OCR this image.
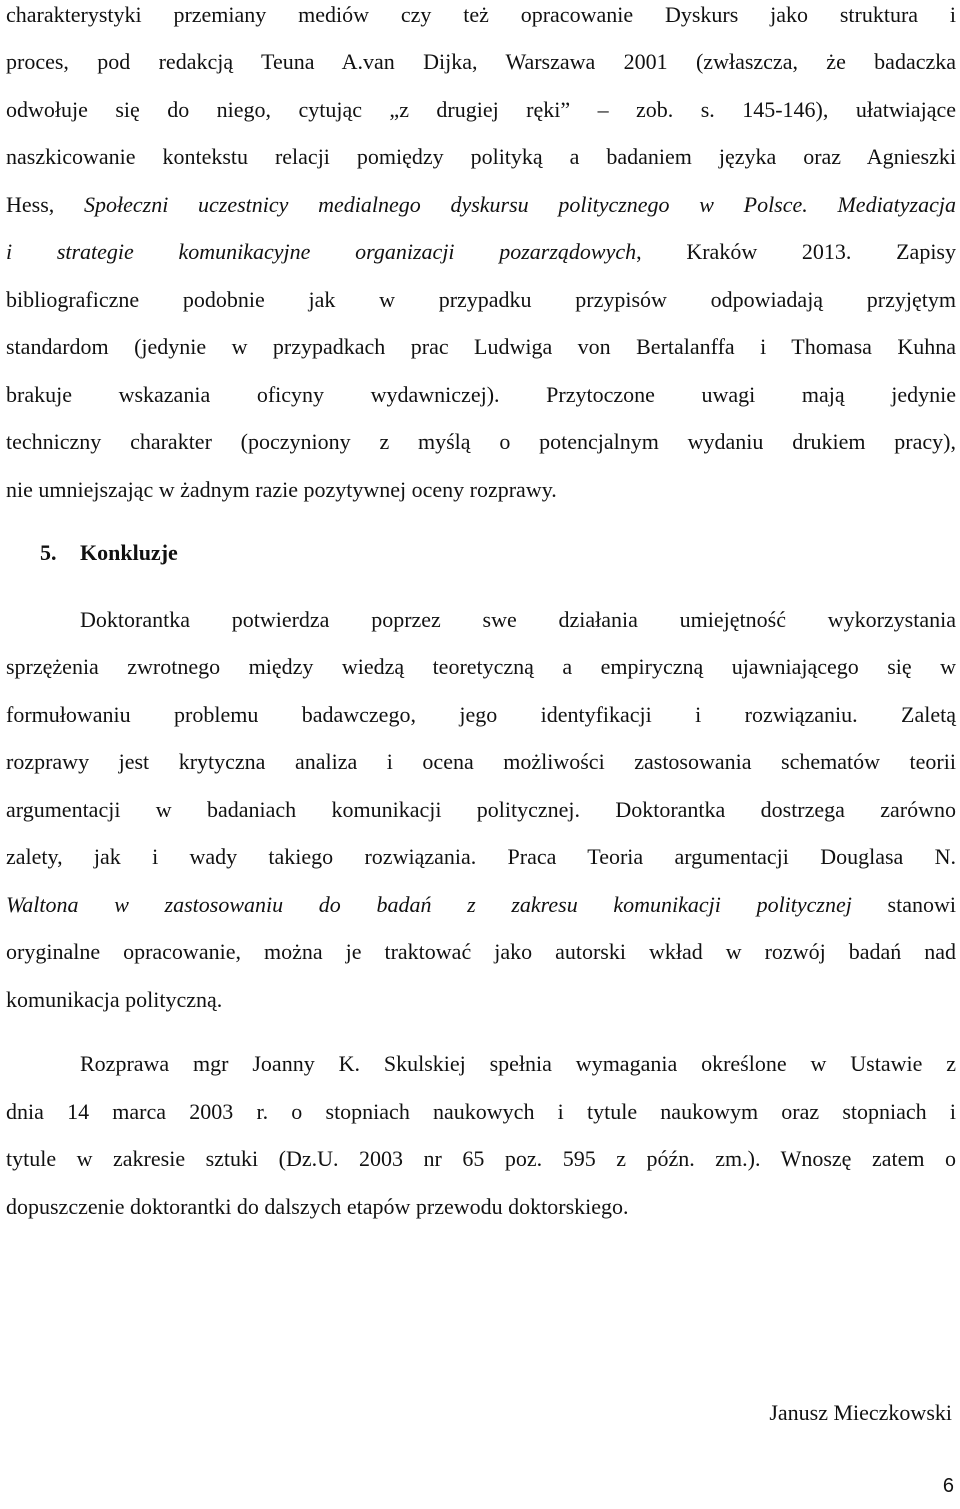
charakterystyki przemiany mediów czy też opracowanie Dyskurs jako struktura i
proces, pod redakcją Teuna A.van Dijka, Warszawa 2001 (zwłaszcza, że badaczka
odwołuje się do niego, cytując „z drugiej ręki” – zob. s. 145-146), ułatwiające
naszkicowanie kontekstu relacji pomiędzy polityką a badaniem języka oraz Agnieszki
Hess, Społeczni uczestnicy medialnego dyskursu politycznego w Polsce. Mediatyzacja
i strategie komunikacyjne organizacji pozarządowych, Kraków 2013. Zapisy
bibliograficzne podobnie jak w przypadku przypisów odpowiadają przyjętym
standardom (jedynie w przypadkach prac Ludwiga von Bertalanffa i Thomasa Kuhna
brakuje wskazania oficyny wydawniczej). Przytoczone uwagi mają jedynie
techniczny charakter (poczyniony z myślą o potencjalnym wydaniu drukiem pracy),
nie umniejszając w żadnym razie pozytywnej oceny rozprawy.
5. Konkluzje
Doktorantka potwierdza poprzez swe działania umiejętność wykorzystania
sprzężenia zwrotnego między wiedzą teoretyczną a empiryczną ujawniającego się w
formułowaniu problemu badawczego, jego identyfikacji i rozwiązaniu. Zaletą
rozprawy jest krytyczna analiza i ocena możliwości zastosowania schematów teorii
argumentacji w badaniach komunikacji politycznej. Doktorantka dostrzega zarówno
zalety, jak i wady takiego rozwiązania. Praca Teoria argumentacji Douglasa N.
Waltona w zastosowaniu do badań z zakresu komunikacji politycznej stanowi
oryginalne opracowanie, można je traktować jako autorski wkład w rozwój badań nad
komunikacja polityczną.
Rozprawa mgr Joanny K. Skulskiej spełnia wymagania określone w Ustawie z
dnia 14 marca 2003 r. o stopniach naukowych i tytule naukowym oraz stopniach i
tytule w zakresie sztuki (Dz.U. 2003 nr 65 poz. 595 z późn. zm.). Wnoszę zatem o
dopuszczenie doktorantki do dalszych etapów przewodu doktorskiego.
Janusz Mieczkowski
6
